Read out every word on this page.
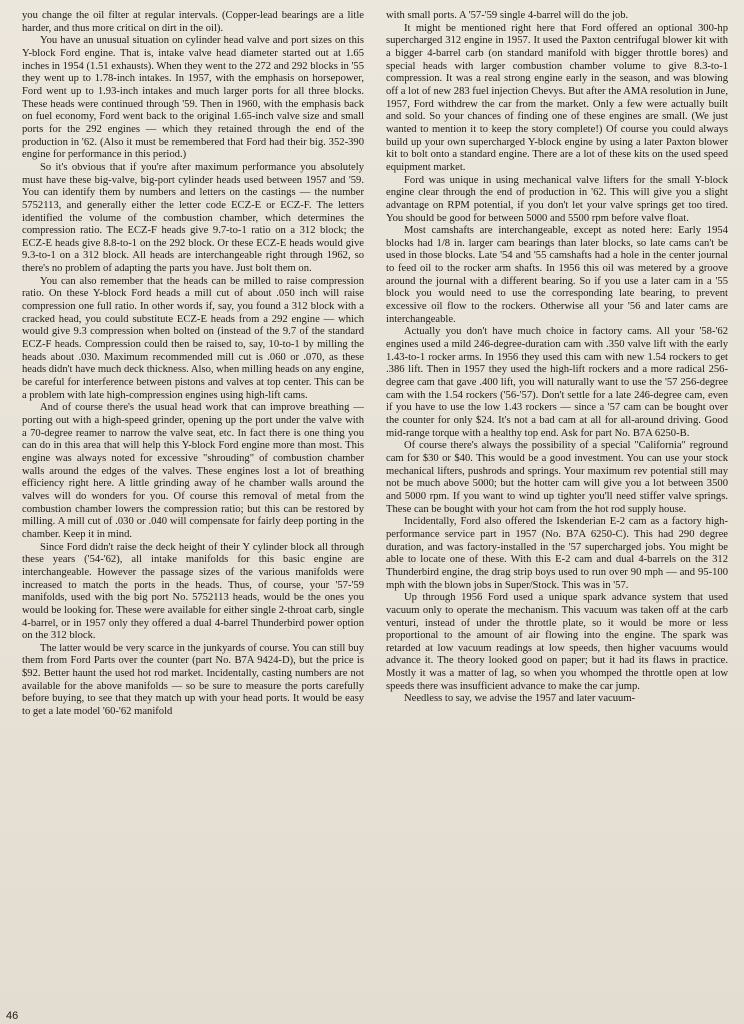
you change the oil filter at regular intervals. (Copper-lead bearings are a litle harder, and thus more critical on dirt in the oil).

You have an unusual situation on cylinder head valve and port sizes on this Y-block Ford engine. That is, intake valve head diameter started out at 1.65 inches in 1954 (1.51 exhausts). When they went to the 272 and 292 blocks in '55 they went up to 1.78-inch intakes. In 1957, with the emphasis on horsepower, Ford went up to 1.93-inch intakes and much larger ports for all three blocks. These heads were continued through '59. Then in 1960, with the emphasis back on fuel economy, Ford went back to the original 1.65-inch valve size and small ports for the 292 engines — which they retained through the end of the production in '62. (Also it must be remembered that Ford had their big. 352-390 engine for performance in this period.)

So it's obvious that if you're after maximum performance you absolutely must have these big-valve, big-port cylinder heads used between 1957 and '59. You can identify them by numbers and letters on the castings — the number 5752113, and generally either the letter code ECZ-E or ECZ-F. The letters identified the volume of the combustion chamber, which determines the compression ratio. The ECZ-F heads give 9.7-to-1 ratio on a 312 block; the ECZ-E heads give 8.8-to-1 on the 292 block. Or these ECZ-E heads would give 9.3-to-1 on a 312 block. All heads are interchangeable right through 1962, so there's no problem of adapting the parts you have. Just bolt them on.

You can also remember that the heads can be milled to raise compression ratio. On these Y-block Ford heads a mill cut of about .050 inch will raise compression one full ratio. In other words if, say, you found a 312 block with a cracked head, you could substitute ECZ-E heads from a 292 engine — which would give 9.3 compression when bolted on (instead of the 9.7 of the standard ECZ-F heads. Compression could then be raised to, say, 10-to-1 by milling the heads about .030. Maximum recommended mill cut is .060 or .070, as these heads didn't have much deck thickness. Also, when milling heads on any engine, be careful for interference between pistons and valves at top center. This can be a problem with late high-compression engines using high-lift cams.

And of course there's the usual head work that can improve breathing — porting out with a high-speed grinder, opening up the port under the valve with a 70-degree reamer to narrow the valve seat, etc. In fact there is one thing you can do in this area that will help this Y-block Ford engine more than most. This engine was always noted for excessive "shrouding" of combustion chamber walls around the edges of the valves. These engines lost a lot of breathing efficiency right here. A little grinding away of he chamber walls around the valves will do wonders for you. Of course this removal of metal from the combustion chamber lowers the compression ratio; but this can be restored by milling. A mill cut of .030 or .040 will compensate for fairly deep porting in the chamber. Keep it in mind.

Since Ford didn't raise the deck height of their Y cylinder block all through these years ('54-'62), all intake manifolds for this basic engine are interchangeable. However the passage sizes of the various manifolds were increased to match the ports in the heads. Thus, of course, your '57-'59 manifolds, used with the big port No. 5752113 heads, would be the ones you would be looking for. These were available for either single 2-throat carb, single 4-barrel, or in 1957 only they offered a dual 4-barrel Thunderbird power option on the 312 block.

The latter would be very scarce in the junkyards of course. You can still buy them from Ford Parts over the counter (part No. B7A 9424-D), but the price is $92. Better haunt the used hot rod market. Incidentally, casting numbers are not available for the above manifolds — so be sure to measure the ports carefully before buying, to see that they match up with your head ports. It would be easy to get a late model '60-'62 manifold

with small ports. A '57-'59 single 4-barrel will do the job.

It might be mentioned right here that Ford offered an optional 300-hp supercharged 312 engine in 1957. It used the Paxton centrifugal blower kit with a bigger 4-barrel carb (on standard manifold with bigger throttle bores) and special heads with larger combustion chamber volume to give 8.3-to-1 compression. It was a real strong engine early in the season, and was blowing off a lot of new 283 fuel injection Chevys. But after the AMA resolution in June, 1957, Ford withdrew the car from the market. Only a few were actually built and sold. So your chances of finding one of these engines are small. (We just wanted to mention it to keep the story complete!) Of course you could always build up your own supercharged Y-block engine by using a later Paxton blower kit to bolt onto a standard engine. There are a lot of these kits on the used speed equipment market.

Ford was unique in using mechanical valve lifters for the small Y-block engine clear through the end of production in '62. This will give you a slight advantage on RPM potential, if you don't let your valve springs get too tired. You should be good for between 5000 and 5500 rpm before valve float.

Most camshafts are interchangeable, except as noted here: Early 1954 blocks had 1/8 in. larger cam bearings than later blocks, so late cams can't be used in those blocks. Late '54 and '55 camshafts had a hole in the center journal to feed oil to the rocker arm shafts. In 1956 this oil was metered by a groove around the journal with a different bearing. So if you use a later cam in a '55 block you would need to use the corresponding late bearing, to prevent excessive oil flow to the rockers. Otherwise all your '56 and later cams are interchangeable.

Actually you don't have much choice in factory cams. All your '58-'62 engines used a mild 246-degree-duration cam with .350 valve lift with the early 1.43-to-1 rocker arms. In 1956 they used this cam with new 1.54 rockers to get .386 lift. Then in 1957 they used the high-lift rockers and a more radical 256-degree cam that gave .400 lift, you will naturally want to use the '57 256-degree cam with the 1.54 rockers ('56-'57). Don't settle for a late 246-degree cam, even if you have to use the low 1.43 rockers — since a '57 cam can be bought over the counter for only $24. It's not a bad cam at all for all-around driving. Good mid-range torque with a healthy top end. Ask for part No. B7A 6250-B.

Of course there's always the possibility of a special "California" reground cam for $30 or $40. This would be a good investment. You can use your stock mechanical lifters, pushrods and springs. Your maximum rev potential still may not be much above 5000; but the hotter cam will give you a lot between 3500 and 5000 rpm. If you want to wind up tighter you'll need stiffer valve springs. These can be bought with your hot cam from the hot rod supply house.

Incidentally, Ford also offered the Iskenderian E-2 cam as a factory high-performance service part in 1957 (No. B7A 6250-C). This had 290 degree duration, and was factory-installed in the '57 supercharged jobs. You might be able to locate one of these. With this E-2 cam and dual 4-barrels on the 312 Thunderbird engine, the drag strip boys used to run over 90 mph — and 95-100 mph with the blown jobs in Super/Stock. This was in '57.

Up through 1956 Ford used a unique spark advance system that used vacuum only to operate the mechanism. This vacuum was taken off at the carb venturi, instead of under the throttle plate, so it would be more or less proportional to the amount of air flowing into the engine. The spark was retarded at low vacuum readings at low speeds, then higher vacuums would advance it. The theory looked good on paper; but it had its flaws in practice. Mostly it was a matter of lag, so when you whomped the throttle open at low speeds there was insufficient advance to make the car jump.

Needless to say, we advise the 1957 and later vacuum-

46
